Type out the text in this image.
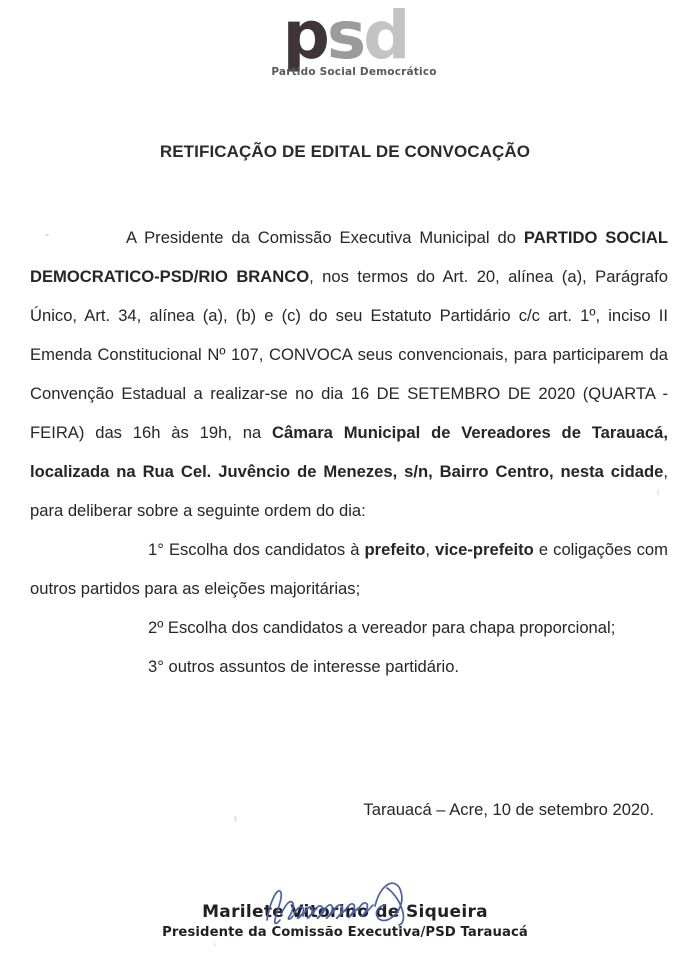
psd
Partido Social Democrático
RETIFICAÇÃO DE EDITAL DE CONVOCAÇÃO

A Presidente da Comissão Executiva Municipal do PARTIDO SOCIAL DEMOCRATICO-PSD/RIO BRANCO, nos termos do Art. 20, alínea (a), Parágrafo Único, Art. 34, alínea (a), (b) e (c) do seu Estatuto Partidário c/c art. 1º, inciso II Emenda Constitucional Nº 107, CONVOCA seus convencionais, para participarem da Convenção Estadual a realizar-se no dia 16 DE SETEMBRO DE 2020 (QUARTA -FEIRA) das 16h às 19h, na Câmara Municipal de Vereadores de Tarauacá, localizada na Rua Cel. Juvêncio de Menezes, s/n, Bairro Centro, nesta cidade, para deliberar sobre a seguinte ordem do dia:

1° Escolha dos candidatos à prefeito, vice-prefeito e coligações com outros partidos para as eleições majoritárias;

2º Escolha dos candidatos a vereador para chapa proporcional;

3° outros assuntos de interesse partidário.

Tarauacá – Acre, 10 de setembro 2020.
Marilete Vitorino de Siqueira
Presidente da Comissão Executiva/PSD Tarauacá
